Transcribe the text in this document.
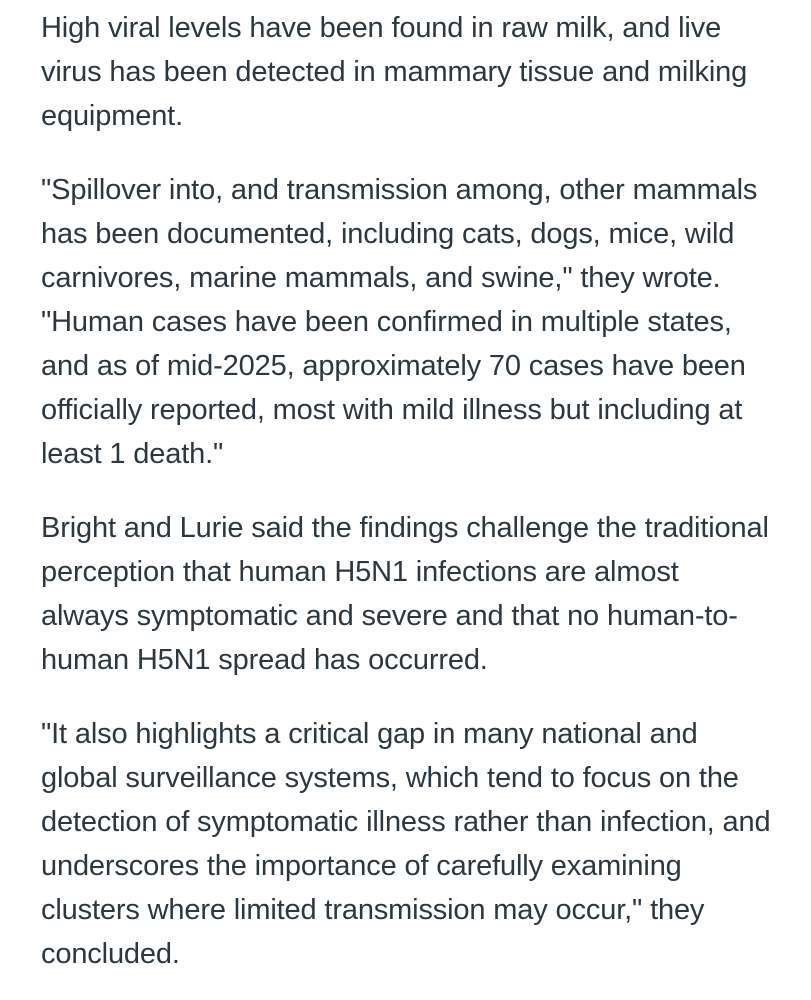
High viral levels have been found in raw milk, and live virus has been detected in mammary tissue and milking equipment.

"Spillover into, and transmission among, other mammals has been documented, including cats, dogs, mice, wild carnivores, marine mammals, and swine," they wrote. "Human cases have been confirmed in multiple states, and as of mid-2025, approximately 70 cases have been officially reported, most with mild illness but including at least 1 death."

Bright and Lurie said the findings challenge the traditional perception that human H5N1 infections are almost always symptomatic and severe and that no human-to-human H5N1 spread has occurred.

"It also highlights a critical gap in many national and global surveillance systems, which tend to focus on the detection of symptomatic illness rather than infection, and underscores the importance of carefully examining clusters where limited transmission may occur," they concluded.
